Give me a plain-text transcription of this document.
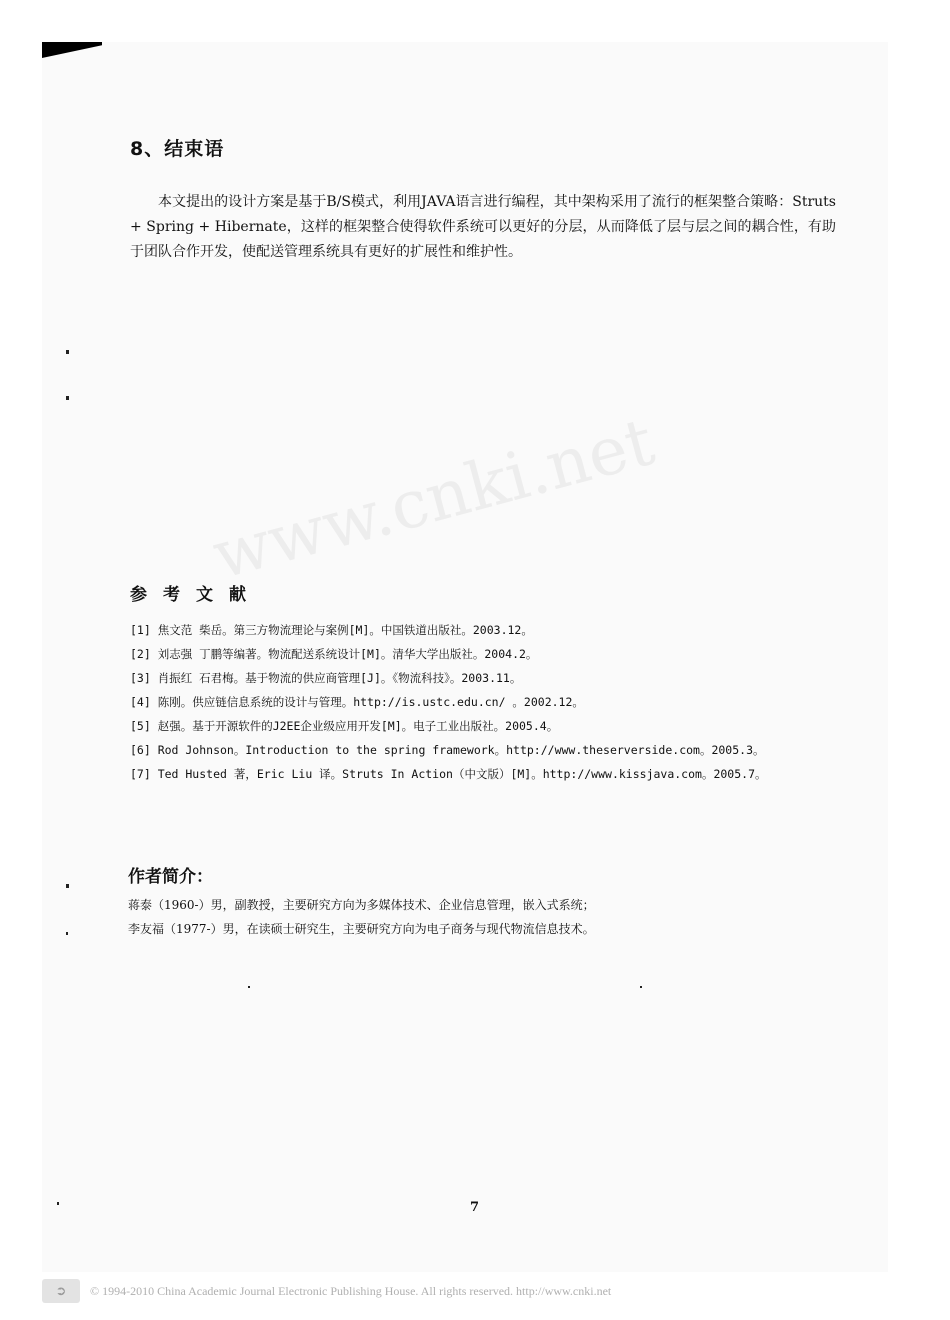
8、结束语
本文提出的设计方案是基于B/S模式，利用JAVA语言进行编程，其中架构采用了流行的框架整合策略：Struts + Spring + Hibernate，这样的框架整合使得软件系统可以更好的分层，从而降低了层与层之间的耦合性，有助于团队合作开发，使配送管理系统具有更好的扩展性和维护性。
www.cnki.net
参考文献
[1] 焦文范 柴岳。第三方物流理论与案例[M]。中国铁道出版社。2003.12。
[2] 刘志强 丁鹏等编著。物流配送系统设计[M]。清华大学出版社。2004.2。
[3] 肖振红 石君梅。基于物流的供应商管理[J]。《物流科技》。2003.11。
[4] 陈刚。供应链信息系统的设计与管理。http://is.ustc.edu.cn/ 。2002.12。
[5] 赵强。基于开源软件的J2EE企业级应用开发[M]。电子工业出版社。2005.4。
[6] Rod Johnson。Introduction to the spring framework。http://www.theserverside.com。2005.3。
[7] Ted Husted 著，Eric Liu 译。Struts In Action（中文版）[M]。http://www.kissjava.com。2005.7。
作者简介：
蒋泰（1960-）男，副教授，主要研究方向为多媒体技术、企业信息管理，嵌入式系统；
李友福（1977-）男，在读硕士研究生，主要研究方向为电子商务与现代物流信息技术。
7
➲	© 1994-2010 China Academic Journal Electronic Publishing House. All rights reserved. http://www.cnki.net
